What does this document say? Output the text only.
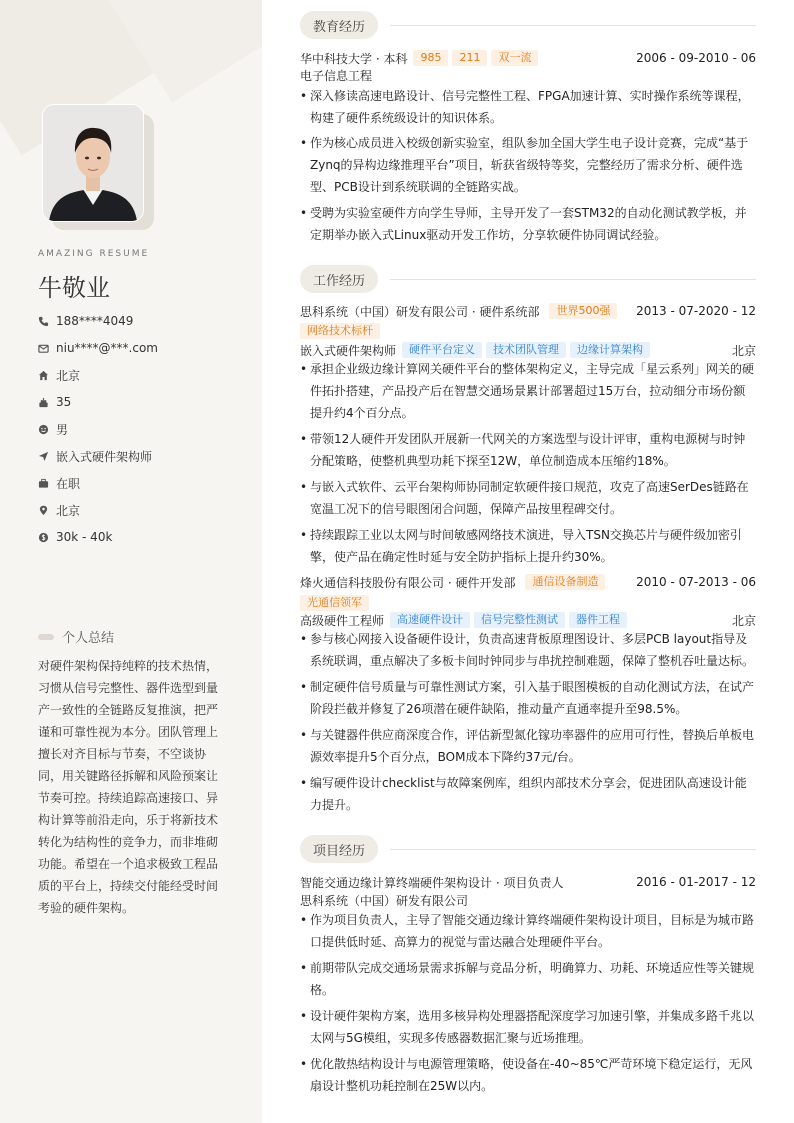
AMAZING RESUME
牛敬业
188****4049
niu****@***.com
北京
35
男
嵌入式硬件架构师
在职
北京
30k - 40k
个人总结
对硬件架构保持纯粹的技术热情，习惯从信号完整性、器件选型到量产一致性的全链路反复推演，把严谨和可靠性视为本分。团队管理上擅长对齐目标与节奏，不空谈协同，用关键路径拆解和风险预案让节奏可控。持续追踪高速接口、异构计算等前沿走向，乐于将新技术转化为结构性的竞争力，而非堆砌功能。希望在一个追求极致工程品质的平台上，持续交付能经受时间考验的硬件架构。
教育经历
华中科技大学 · 本科	985	211	双一流	2006 - 09-2010 - 06
电子信息工程
• 深入修读高速电路设计、信号完整性工程、FPGA加速计算、实时操作系统等课程，构建了硬件系统级设计的知识体系。
• 作为核心成员进入校级创新实验室，组队参加全国大学生电子设计竞赛，完成“基于Zynq的异构边缘推理平台”项目，斩获省级特等奖，完整经历了需求分析、硬件选型、PCB设计到系统联调的全链路实战。
• 受聘为实验室硬件方向学生导师，主导开发了一套STM32的自动化测试教学板，并定期举办嵌入式Linux驱动开发工作坊，分享软硬件协同调试经验。
工作经历
思科系统（中国）研发有限公司 · 硬件系统部	世界500强	2013 - 07-2020 - 12
网络技术标杆
嵌入式硬件架构师	硬件平台定义	技术团队管理	边缘计算架构	北京
• 承担企业级边缘计算网关硬件平台的整体架构定义，主导完成「星云系列」网关的硬件拓扑搭建，产品投产后在智慧交通场景累计部署超过15万台，拉动细分市场份额提升约4个百分点。
• 带领12人硬件开发团队开展新一代网关的方案选型与设计评审，重构电源树与时钟分配策略，使整机典型功耗下探至12W，单位制造成本压缩约18%。
• 与嵌入式软件、云平台架构师协同制定软硬件接口规范，攻克了高速SerDes链路在宽温工况下的信号眼图闭合问题，保障产品按里程碑交付。
• 持续跟踪工业以太网与时间敏感网络技术演进，导入TSN交换芯片与硬件级加密引擎，使产品在确定性时延与安全防护指标上提升约30%。
烽火通信科技股份有限公司 · 硬件开发部	通信设备制造	2010 - 07-2013 - 06
光通信领军
高级硬件工程师	高速硬件设计	信号完整性测试	器件工程	北京
• 参与核心网接入设备硬件设计，负责高速背板原理图设计、多层PCB layout指导及系统联调，重点解决了多板卡间时钟同步与串扰控制难题，保障了整机吞吐量达标。
• 制定硬件信号质量与可靠性测试方案，引入基于眼图模板的自动化测试方法，在试产阶段拦截并修复了26项潜在硬件缺陷，推动量产直通率提升至98.5%。
• 与关键器件供应商深度合作，评估新型氮化镓功率器件的应用可行性，替换后单板电源效率提升5个百分点，BOM成本下降约37元/台。
• 编写硬件设计checklist与故障案例库，组织内部技术分享会，促进团队高速设计能力提升。
项目经历
智能交通边缘计算终端硬件架构设计 · 项目负责人	2016 - 01-2017 - 12
思科系统（中国）研发有限公司
• 作为项目负责人，主导了智能交通边缘计算终端硬件架构设计项目，目标是为城市路口提供低时延、高算力的视觉与雷达融合处理硬件平台。
• 前期带队完成交通场景需求拆解与竞品分析，明确算力、功耗、环境适应性等关键规格。
• 设计硬件架构方案，选用多核异构处理器搭配深度学习加速引擎，并集成多路千兆以太网与5G模组，实现多传感器数据汇聚与近场推理。
• 优化散热结构设计与电源管理策略，使设备在-40~85℃严苛环境下稳定运行，无风扇设计整机功耗控制在25W以内。
